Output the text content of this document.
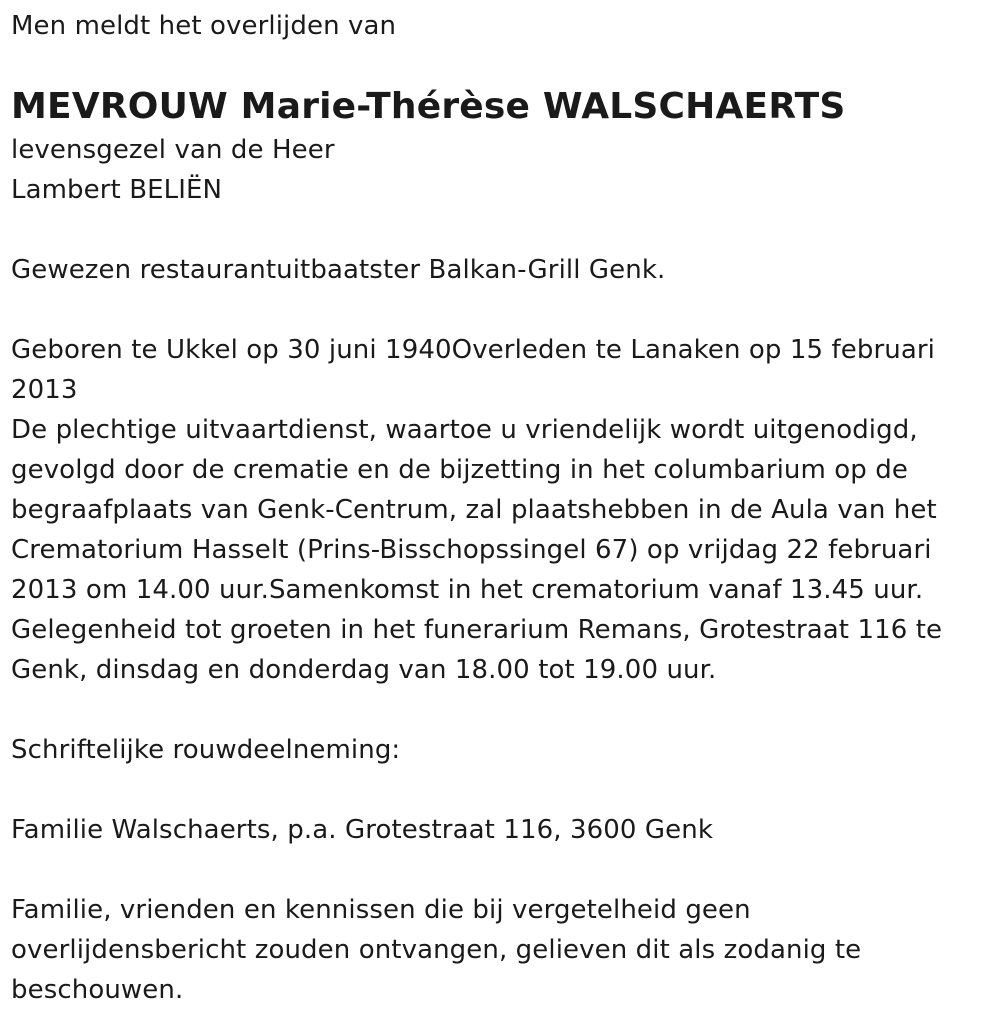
Men meldt het overlijden van

MEVROUW Marie-Thérèse WALSCHAERTS

levensgezel van de Heer

Lambert BELIËN

Gewezen restaurantuitbaatster Balkan-Grill Genk.

Geboren te Ukkel op 30 juni 1940Overleden te Lanaken op 15 februari

2013

De plechtige uitvaartdienst, waartoe u vriendelijk wordt uitgenodigd,

gevolgd door de crematie en de bijzetting in het columbarium op de

begraafplaats van Genk-Centrum, zal plaatshebben in de Aula van het

Crematorium Hasselt (Prins-Bisschopssingel 67) op vrijdag 22 februari

2013 om 14.00 uur.Samenkomst in het crematorium vanaf 13.45 uur.

Gelegenheid tot groeten in het funerarium Remans, Grotestraat 116 te

Genk, dinsdag en donderdag van 18.00 tot 19.00 uur.

Schriftelijke rouwdeelneming:

Familie Walschaerts, p.a. Grotestraat 116, 3600 Genk

Familie, vrienden en kennissen die bij vergetelheid geen

overlijdensbericht zouden ontvangen, gelieven dit als zodanig te

beschouwen.
